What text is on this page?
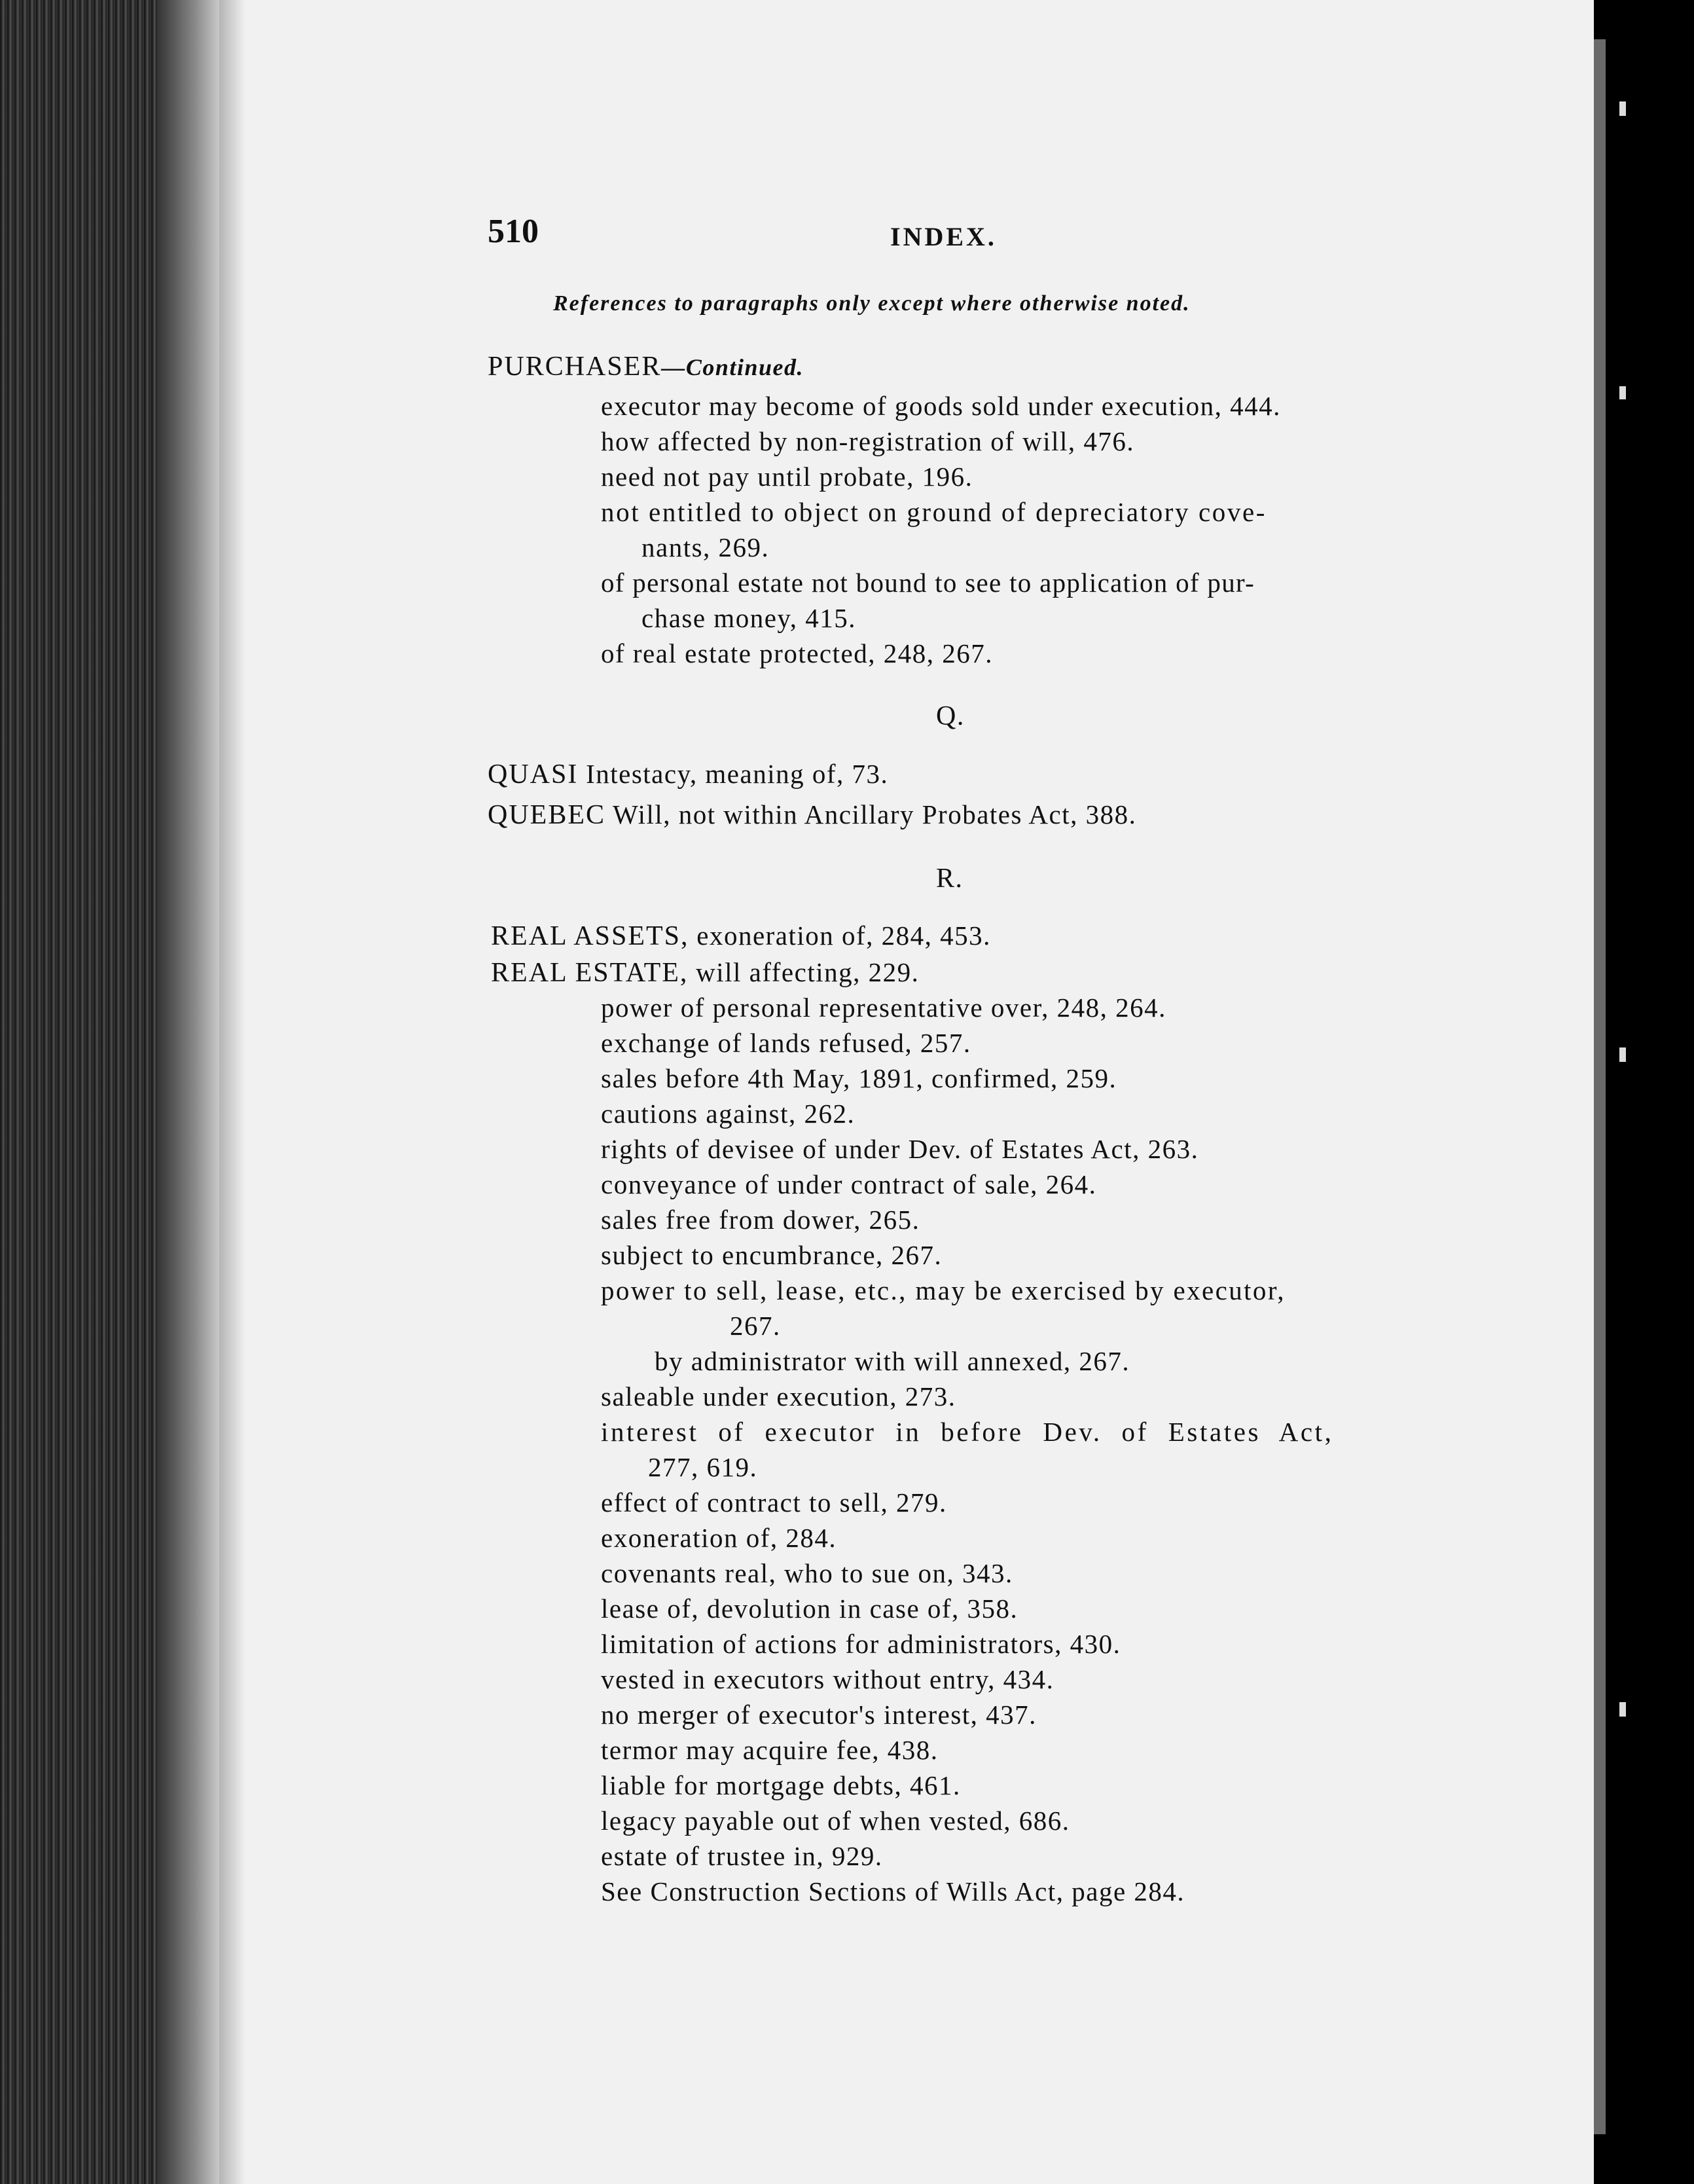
510	INDEX.
References to paragraphs only except where otherwise noted.
PURCHASER—Continued.
executor may become of goods sold under execution, 444.
how affected by non-registration of will, 476.
need not pay until probate, 196.
not entitled to object on ground of depreciatory cove-
nants, 269.
of personal estate not bound to see to application of pur-
chase money, 415.
of real estate protected, 248, 267.
Q.
QUASI Intestacy, meaning of, 73.
QUEBEC Will, not within Ancillary Probates Act, 388.
R.
REAL ASSETS, exoneration of, 284, 453.
REAL ESTATE, will affecting, 229.
power of personal representative over, 248, 264.
exchange of lands refused, 257.
sales before 4th May, 1891, confirmed, 259.
cautions against, 262.
rights of devisee of under Dev. of Estates Act, 263.
conveyance of under contract of sale, 264.
sales free from dower, 265.
subject to encumbrance, 267.
power to sell, lease, etc., may be exercised by executor,
267.
by administrator with will annexed, 267.
saleable under execution, 273.
interest of executor in before Dev. of Estates Act,
277, 619.
effect of contract to sell, 279.
exoneration of, 284.
covenants real, who to sue on, 343.
lease of, devolution in case of, 358.
limitation of actions for administrators, 430.
vested in executors without entry, 434.
no merger of executor's interest, 437.
termor may acquire fee, 438.
liable for mortgage debts, 461.
legacy payable out of when vested, 686.
estate of trustee in, 929.
See Construction Sections of Wills Act, page 284.
